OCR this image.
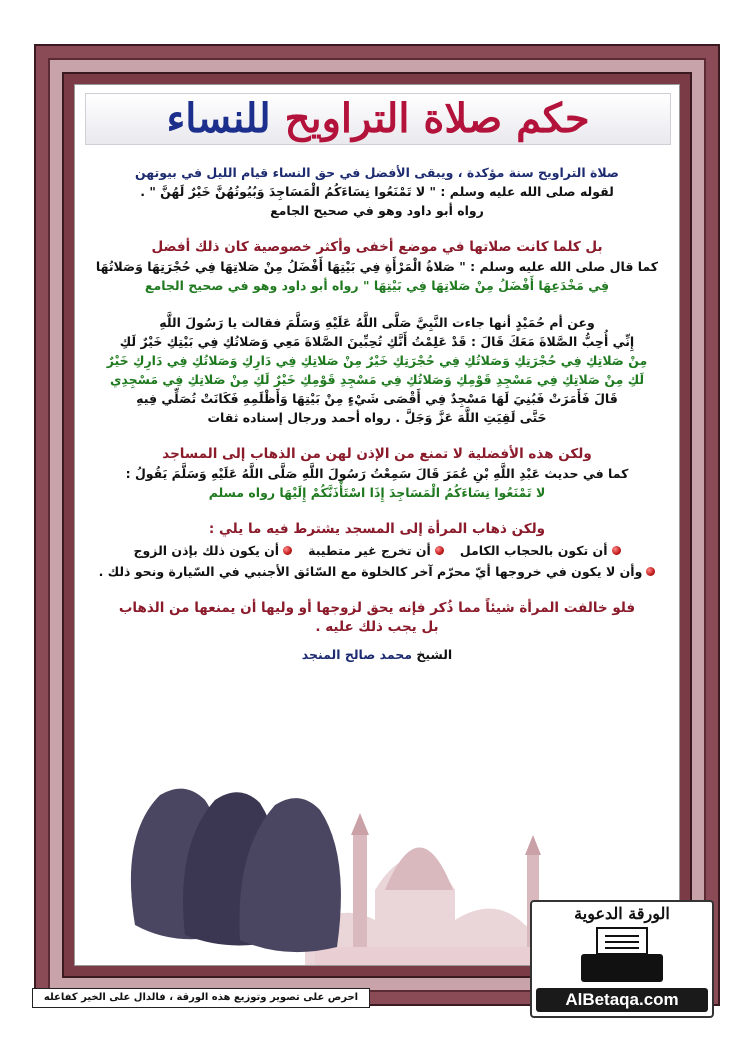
حكم صلاة التراويح
للنساء

صلاة التراويح سنة مؤكدة ، ويبقى الأفضل في حق النساء قيام الليل في بيوتهن

لقوله صلى الله عليه وسلم : " لا تَمْنَعُوا نِسَاءَكُمُ الْمَسَاجِدَ وَبُيُوتُهُنَّ خَيْرٌ لَهُنَّ " .

رواه أبو داود وهو في صحيح الجامع

بل كلما كانت صلاتها في موضع أخفى وأكثر خصوصية كان ذلك أفضل

كما قال صلى الله عليه وسلم : " صَلاةُ الْمَرْأَةِ فِي بَيْتِهَا أَفْضَلُ مِنْ صَلاتِهَا فِي حُجْرَتِهَا وَصَلاتُهَا

فِي مَخْدَعِهَا أَفْضَلُ مِنْ صَلاتِهَا فِي بَيْتِهَا " رواه أبو داود وهو في صحيح الجامع

وعن أم حُمَيْدٍ أنها جاءت النَّبِيَّ صَلَّى اللَّهُ عَلَيْهِ وَسَلَّمَ فقالت يا رَسُولَ اللَّهِ

إِنِّي أُحِبُّ الصَّلاةَ مَعَكَ قَالَ : قَدْ عَلِمْتُ أَنَّكِ تُحِبِّينَ الصَّلاةَ مَعِي وَصَلاتُكِ فِي بَيْتِكِ خَيْرٌ لَكِ

مِنْ صَلاتِكِ فِي حُجْرَتِكِ وَصَلاتُكِ فِي حُجْرَتِكِ خَيْرٌ مِنْ صَلاتِكِ فِي دَارِكِ وَصَلاتُكِ فِي دَارِكِ خَيْرٌ

لَكِ مِنْ صَلاتِكِ فِي مَسْجِدِ قَوْمِكِ وَصَلاتُكِ فِي مَسْجِدِ قَوْمِكِ خَيْرٌ لَكِ مِنْ صَلاتِكِ فِي مَسْجِدِي

قَالَ فَأَمَرَتْ فَبُنِيَ لَهَا مَسْجِدٌ فِي أَقْصَى شَيْءٍ مِنْ بَيْتِهَا وَأَظْلَمِهِ فَكَانَتْ تُصَلِّي فِيهِ

حَتَّى لَقِيَتِ اللَّهَ عَزَّ وَجَلَّ . رواه أحمد ورجال إسناده ثقات

ولكن هذه الأفضلية لا تمنع من الإذن لهن من الذهاب إلى المساجد

كما في حديث عَبْدِ اللَّهِ بْنِ عُمَرَ قَالَ سَمِعْتُ رَسُولَ اللَّهِ صَلَّى اللَّهُ عَلَيْهِ وَسَلَّمَ يَقُولُ :

لا تَمْنَعُوا نِسَاءَكُمُ الْمَسَاجِدَ إِذَا اسْتَأْذَنَّكُمْ إِلَيْهَا رواه مسلم

ولكن ذهاب المرأة إلى المسجد يشترط فيه ما يلي :

أن تكون بالحجاب الكامل
أن تخرج غير متطيبة
أن يكون ذلك بإذن الزوج
وأن لا يكون في خروجها أيّ محرّم آخر كالخلوة مع السّائق الأجنبي في السّيارة ونحو ذلك .

فلو خالفت المرأة شيئاً مما ذُكر فإنه يحق لزوجها أو وليها أن يمنعها من الذهاب

بل يجب ذلك عليه .

الشيخ محمد صالح المنجد

الورقة الدعوية
AlBetaqa.com
احرص على تصوير وتوزيع هذه الورقة ، فالدال على الخير كفاعله
